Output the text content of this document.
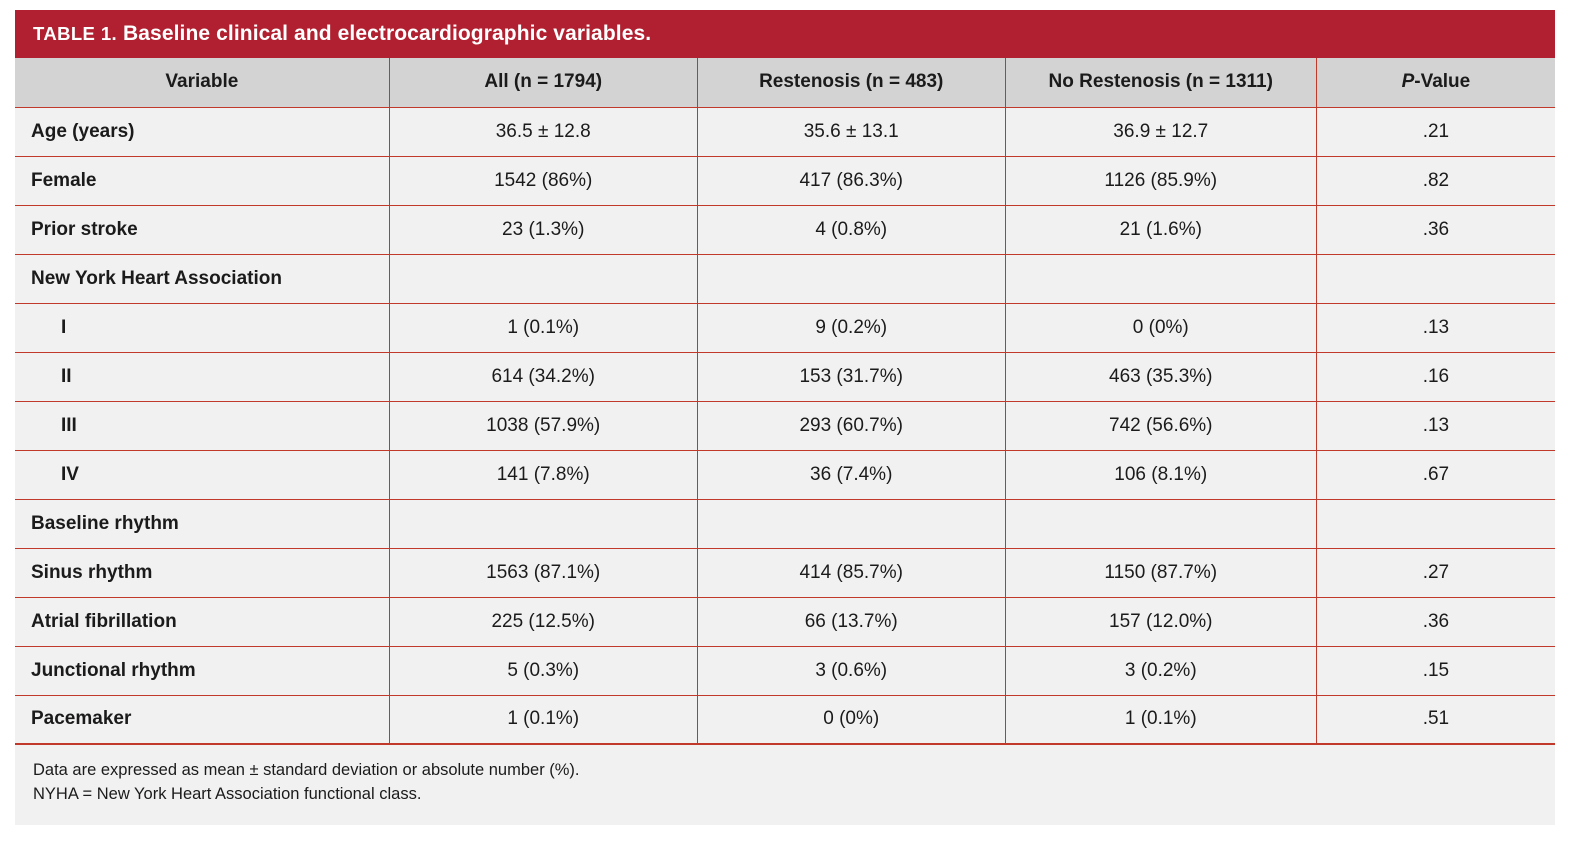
TABLE 1. Baseline clinical and electrocardiographic variables.
Variable	All (n = 1794)	Restenosis (n = 483)	No Restenosis (n = 1311)	P-Value
Age (years)	36.5 ± 12.8	35.6 ± 13.1	36.9 ± 12.7	.21
Female	1542 (86%)	417 (86.3%)	1126 (85.9%)	.82
Prior stroke	23 (1.3%)	4 (0.8%)	21 (1.6%)	.36
New York Heart Association				
I	1 (0.1%)	9 (0.2%)	0 (0%)	.13
II	614 (34.2%)	153 (31.7%)	463 (35.3%)	.16
III	1038 (57.9%)	293 (60.7%)	742 (56.6%)	.13
IV	141 (7.8%)	36 (7.4%)	106 (8.1%)	.67
Baseline rhythm				
Sinus rhythm	1563 (87.1%)	414 (85.7%)	1150 (87.7%)	.27
Atrial fibrillation	225 (12.5%)	66 (13.7%)	157 (12.0%)	.36
Junctional rhythm	5 (0.3%)	3 (0.6%)	3 (0.2%)	.15
Pacemaker	1 (0.1%)	0 (0%)	1 (0.1%)	.51
Data are expressed as mean ± standard deviation or absolute number (%).
NYHA = New York Heart Association functional class.
